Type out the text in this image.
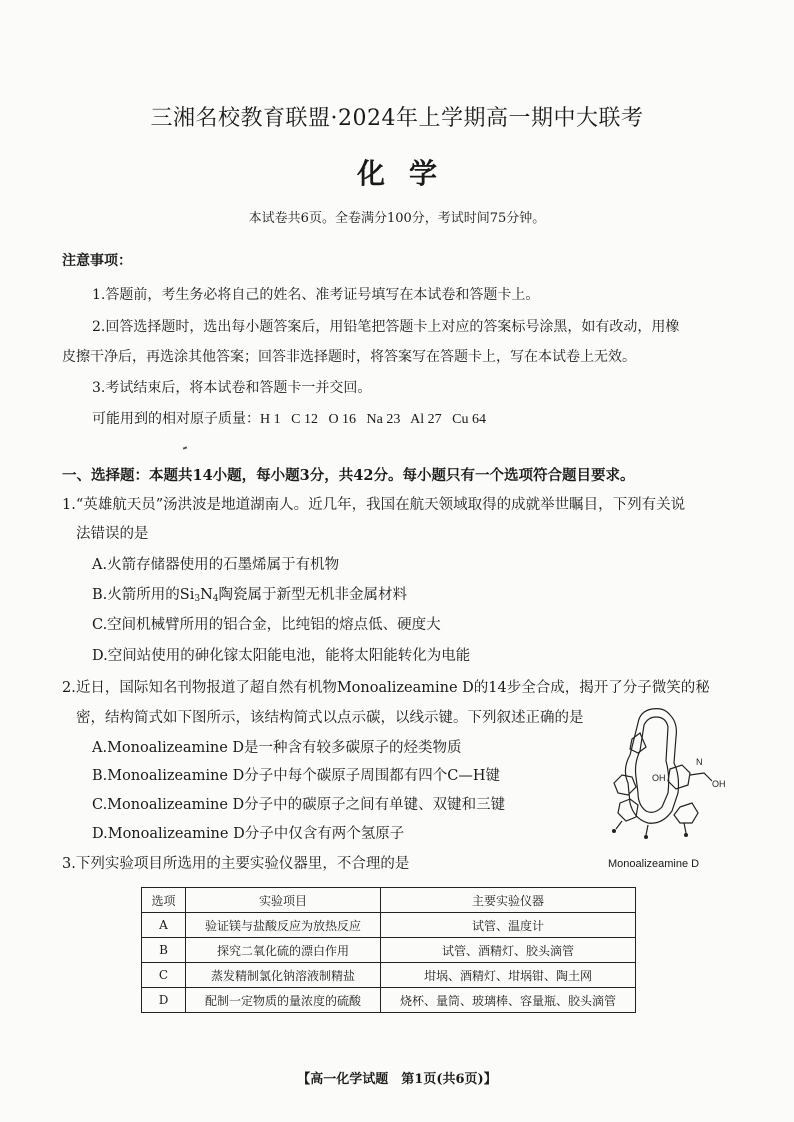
三湘名校教育联盟·2024年上学期高一期中大联考
化学
本试卷共6页。全卷满分100分，考试时间75分钟。
注意事项：
1.答题前，考生务必将自己的姓名、准考证号填写在本试卷和答题卡上。
2.回答选择题时，选出每小题答案后，用铅笔把答题卡上对应的答案标号涂黑，如有改动，用橡
皮擦干净后，再选涂其他答案；回答非选择题时，将答案写在答题卡上，写在本试卷上无效。
3.考试结束后，将本试卷和答题卡一并交回。
可能用到的相对原子质量：H 1   C 12   O 16   Na 23   Al 27   Cu 64
一、选择题：本题共14小题，每小题3分，共42分。每小题只有一个选项符合题目要求。
1.“英雄航天员”汤洪波是地道湖南人。近几年，我国在航天领域取得的成就举世瞩目，下列有关说
法错误的是
A.火箭存储器使用的石墨烯属于有机物
B.火箭所用的$Si_3N_4$陶瓷属于新型无机非金属材料
C.空间机械臂所用的铝合金，比纯铝的熔点低、硬度大
D.空间站使用的砷化镓太阳能电池，能将太阳能转化为电能
2.近日，国际知名刊物报道了超自然有机物Monoalizeamine D的14步全合成，揭开了分子微笑的秘
密，结构简式如下图所示，该结构简式以点示碳，以线示键。下列叙述正确的是
A.Monoalizeamine D是一种含有较多碳原子的烃类物质
B.Monoalizeamine D分子中每个碳原子周围都有四个C—H键
C.Monoalizeamine D分子中的碳原子之间有单键、双键和三键
D.Monoalizeamine D分子中仅含有两个氢原子
OH
OH
N
Monoalizeamine D
3.下列实验项目所选用的主要实验仪器里，不合理的是
选项	实验项目	主要实验仪器
A	验证镁与盐酸反应为放热反应	试管、温度计
B	探究二氧化硫的漂白作用	试管、酒精灯、胶头滴管
C	蒸发精制氯化钠溶液制精盐	坩埚、酒精灯、坩埚钳、陶土网
D	配制一定物质的量浓度的硫酸	烧杯、量筒、玻璃棒、容量瓶、胶头滴管
【高一化学试题　第1页(共6页)】
